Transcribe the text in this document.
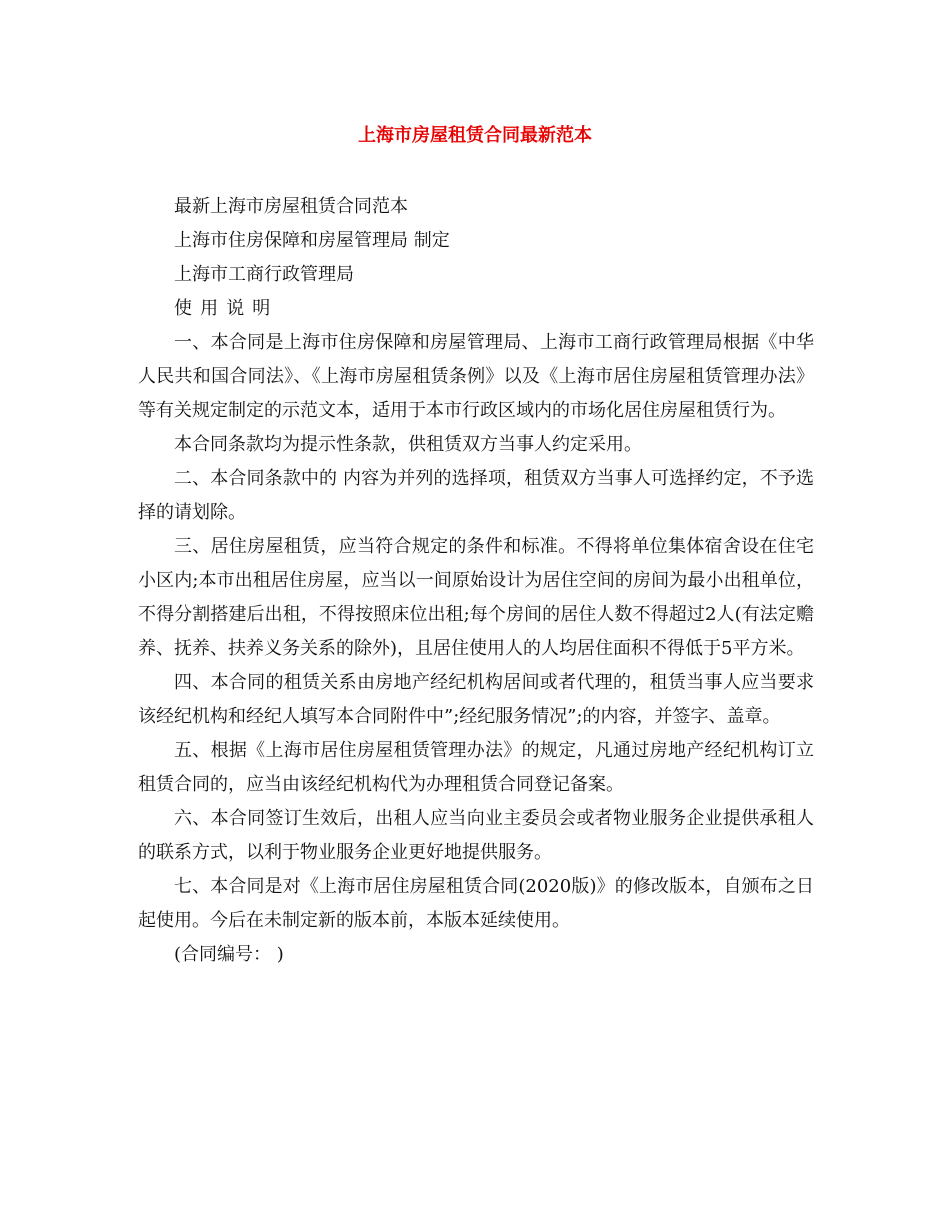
上海市房屋租赁合同最新范本

最新上海市房屋租赁合同范本

上海市住房保障和房屋管理局 制定

上海市工商行政管理局

使用说明

一、本合同是上海市住房保障和房屋管理局、上海市工商行政管理局根据《中华人民共和国合同法》、《上海市房屋租赁条例》以及《上海市居住房屋租赁管理办法》等有关规定制定的示范文本，适用于本市行政区域内的市场化居住房屋租赁行为。

本合同条款均为提示性条款，供租赁双方当事人约定采用。

二、本合同条款中的 内容为并列的选择项，租赁双方当事人可选择约定，不予选择的请划除。

三、居住房屋租赁，应当符合规定的条件和标准。不得将单位集体宿舍设在住宅小区内;本市出租居住房屋，应当以一间原始设计为居住空间的房间为最小出租单位，不得分割搭建后出租，不得按照床位出租;每个房间的居住人数不得超过2人(有法定赡养、抚养、扶养义务关系的除外)，且居住使用人的人均居住面积不得低于5平方米。

四、本合同的租赁关系由房地产经纪机构居间或者代理的，租赁当事人应当要求该经纪机构和经纪人填写本合同附件中”;经纪服务情况”;的内容，并签字、盖章。

五、根据《上海市居住房屋租赁管理办法》的规定，凡通过房地产经纪机构订立租赁合同的，应当由该经纪机构代为办理租赁合同登记备案。

六、本合同签订生效后，出租人应当向业主委员会或者物业服务企业提供承租人的联系方式，以利于物业服务企业更好地提供服务。

七、本合同是对《上海市居住房屋租赁合同(2020版)》的修改版本，自颁布之日起使用。今后在未制定新的版本前，本版本延续使用。

(合同编号： )
